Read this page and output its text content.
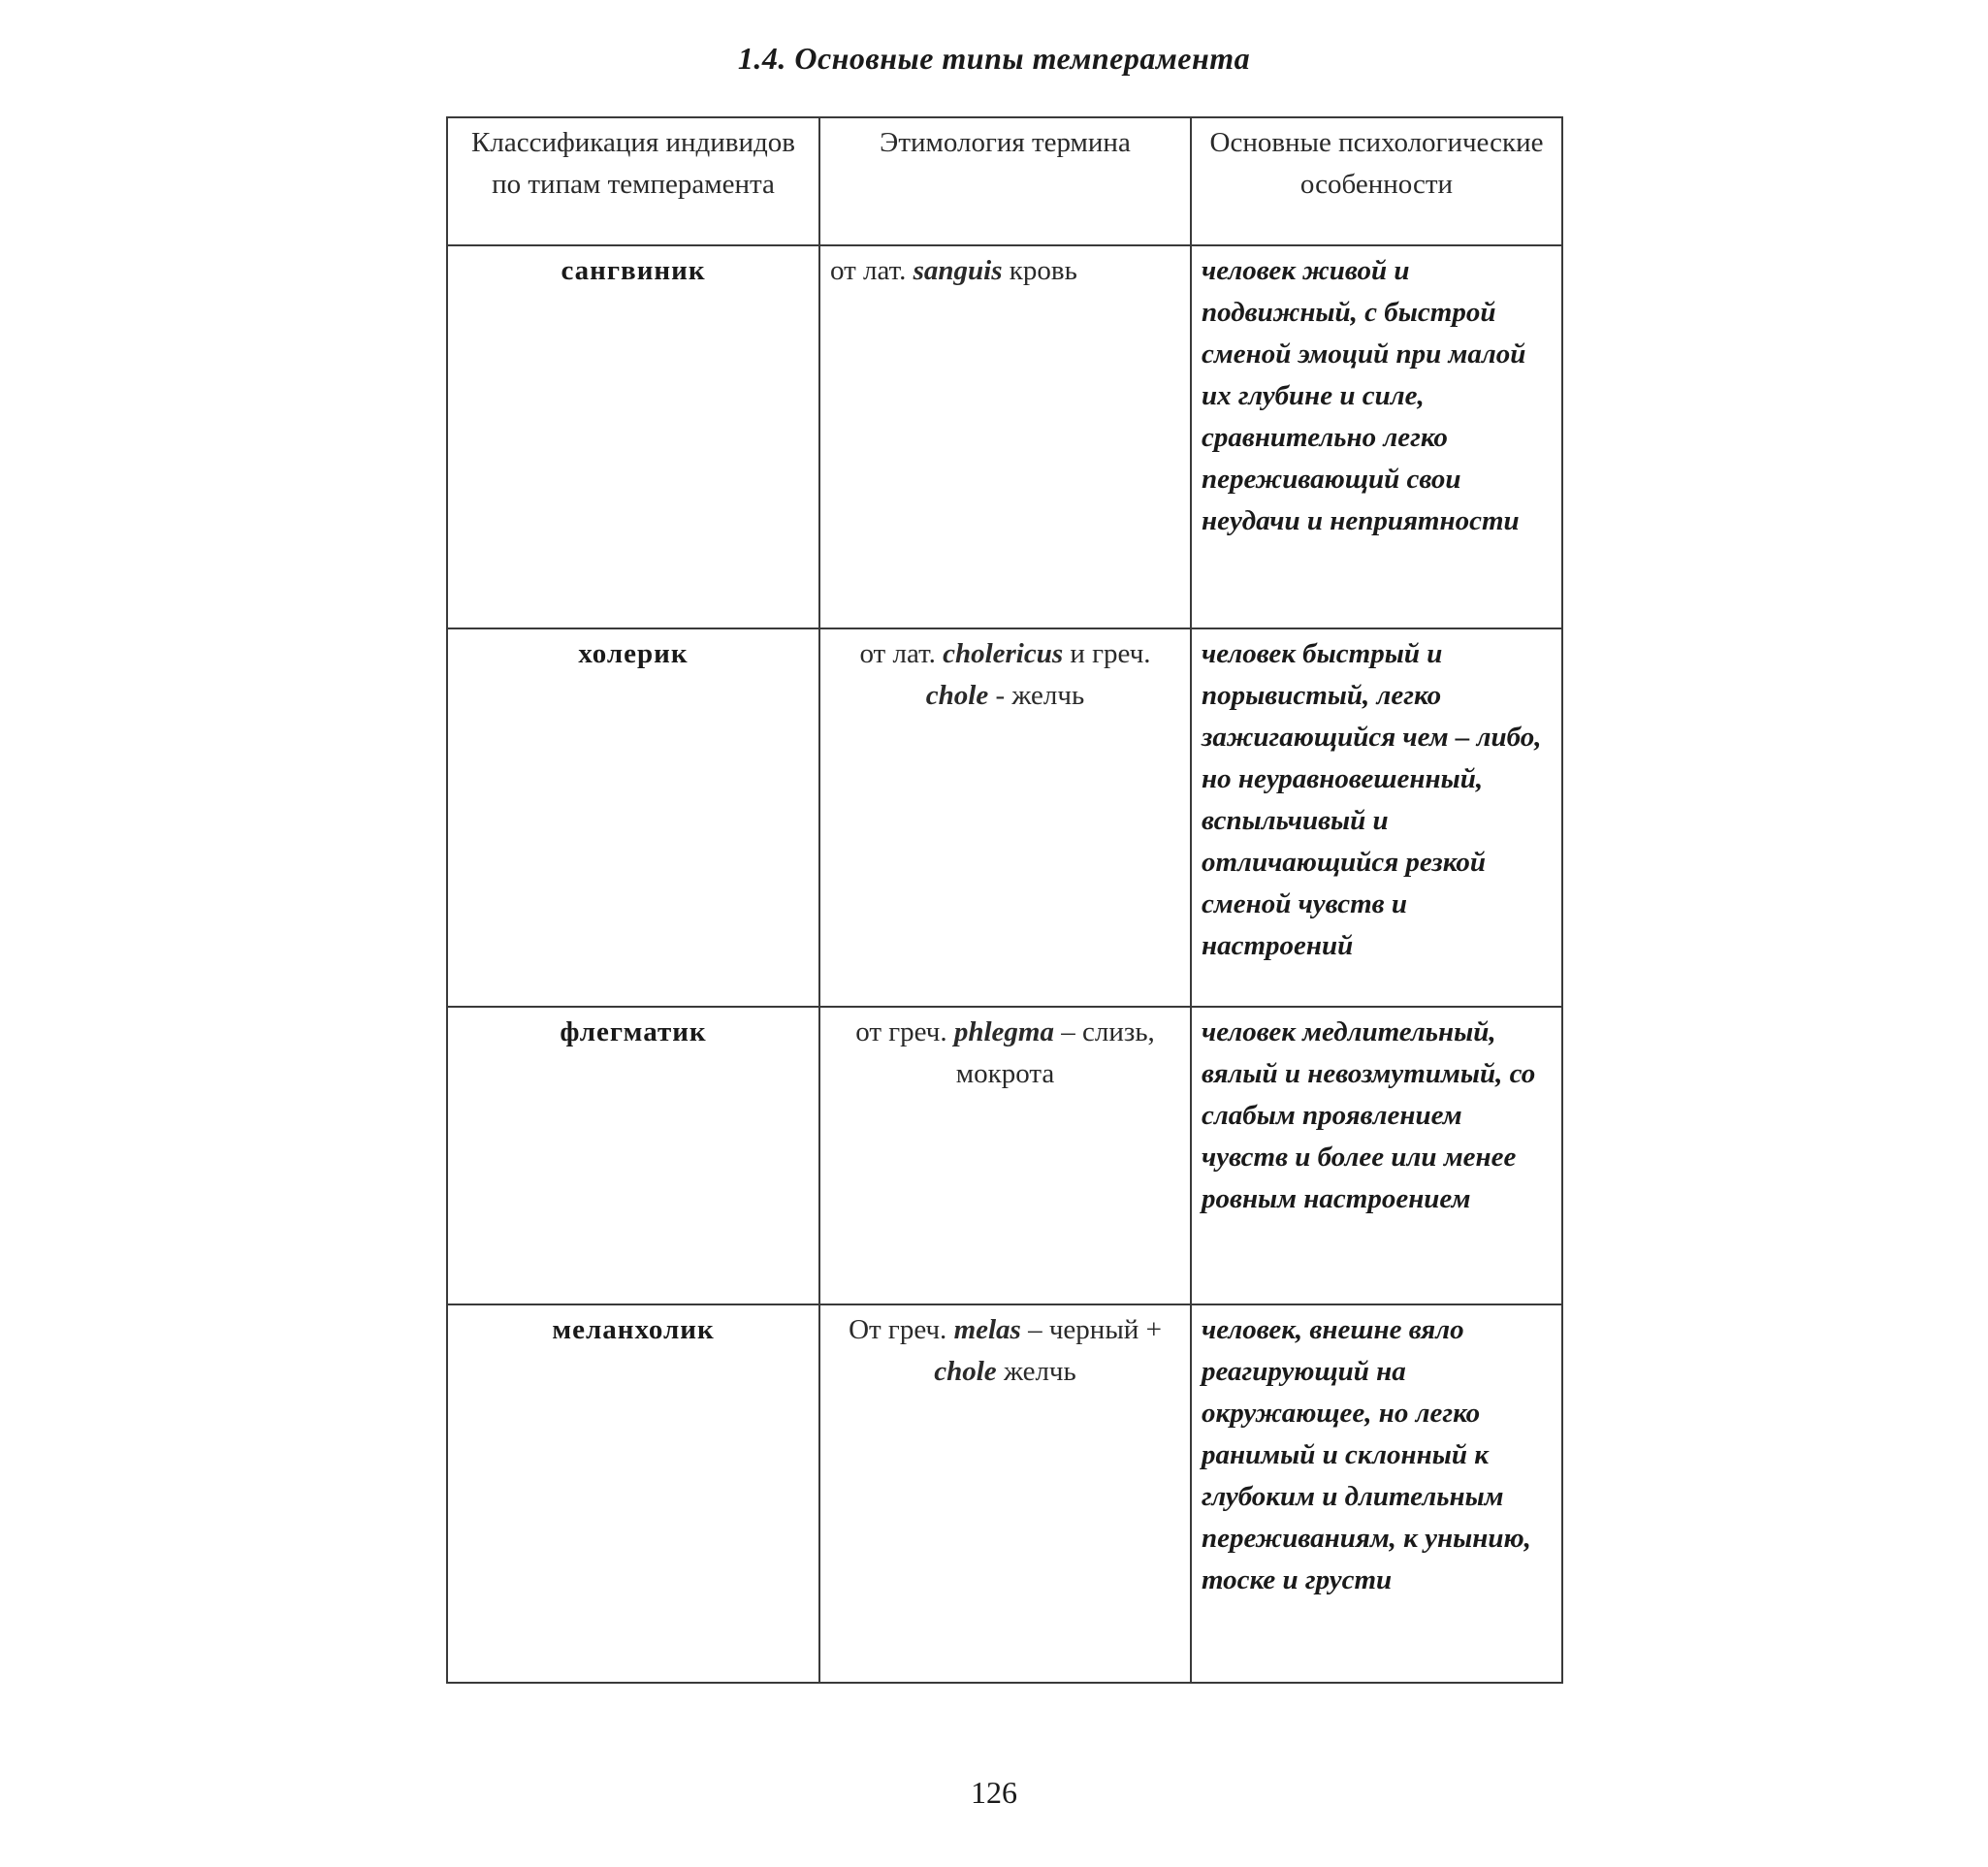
1.4. Основные типы темперамента
Классификация индивидов по типам темперамента	Этимология термина	Основные психологические особенности
сангвиник	от лат. sanguis кровь	человек живой и подвижный, с быстрой сменой эмоций при малой их глубине и силе, сравнительно легко переживающий свои неудачи и неприятности
холерик	от лат. cholericus и греч. chole - желчь	человек быстрый и порывистый, легко зажигающийся чем – либо, но неуравновешенный, вспыльчивый и отличающийся резкой сменой чувств и настроений
флегматик	от греч. phlegma – слизь, мокрота	человек медлительный, вялый и невозмутимый, со слабым проявлением чувств и более или менее ровным настроением
меланхолик	От греч. melas – черный + chole желчь	человек, внешне вяло реагирующий на окружающее, но легко ранимый и склонный к глубоким и длительным переживаниям, к унынию, тоске и грусти
126
